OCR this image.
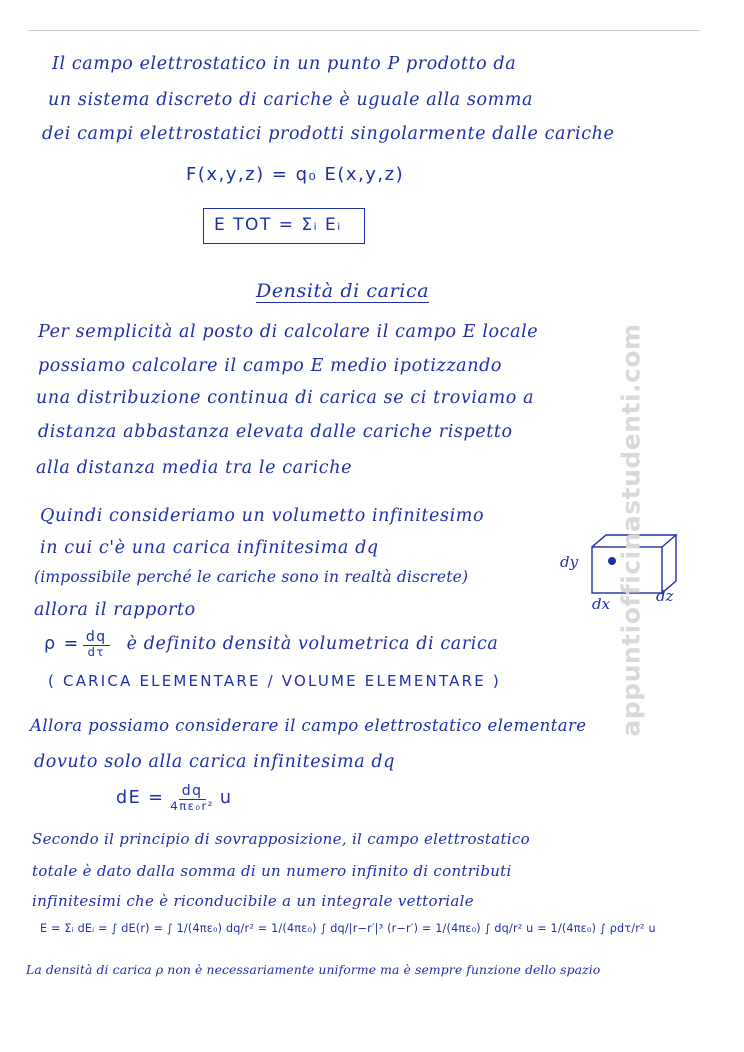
Il campo elettrostatico in un punto P prodotto da
un sistema discreto di cariche è uguale alla somma
dei campi elettrostatici prodotti singolarmente dalle cariche
F(x,y,z) = q₀ E(x,y,z)
E TOT = Σᵢ Eᵢ
Densità di carica
Per semplicità al posto di calcolare il campo E locale
possiamo calcolare il campo E medio ipotizzando
una distribuzione continua di carica se ci troviamo a
distanza abbastanza elevata dalle cariche rispetto
alla distanza media tra le cariche
Quindi consideriamo un volumetto infinitesimo
in cui c'è una carica infinitesima dq
(impossibile perché le cariche sono in realtà discrete)
allora il rapporto
$\rho = \frac{dq}{d\tau}$ è definito densità volumetrica di carica
( CARICA ELEMENTARE / VOLUME ELEMENTARE )
Allora possiamo considerare il campo elettrostatico elementare
dovuto solo alla carica infinitesima dq
dE = $\frac{dq}{\text{4πε₀r²}}$ u
Secondo il principio di sovrapposizione, il campo elettrostatico
totale è dato dalla somma di un numero infinito di contributi
infinitesimi che è riconducibile a un integrale vettoriale
E = Σᵢ dEᵢ = ∫ dE(r) = ∫ 1/(4πε₀) dq/r² = 1/(4πε₀) ∫ dq/|r−r′|³ (r−r′) = 1/(4πε₀) ∫ dq/r² u = 1/(4πε₀) ∫ ρdτ/r² u
La densità di carica ρ non è necessariamente uniforme ma è sempre funzione dello spazio
dy
dx	dz
appuntiofficinastudenti.com
